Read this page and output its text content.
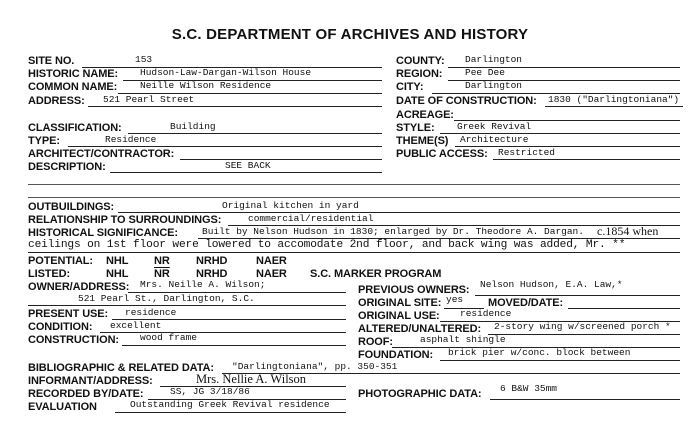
S.C. DEPARTMENT OF ARCHIVES AND HISTORY
SITE NO.	153
HISTORIC NAME: Hudson-Law-Dargan-Wilson House
COMMON NAME: Neille Wilson Residence
ADDRESS: 521 Pearl Street
COUNTY: Darlington
REGION: Pee Dee
CITY:	Darlington
DATE OF CONSTRUCTION: 1830 ("Darlingtoniana")
ACREAGE:
CLASSIFICATION:	Building	STYLE: Greek Revival
TYPE:	Residence	THEME(S) Architecture
ARCHITECT/CONTRACTOR:	PUBLIC ACCESS: Restricted
DESCRIPTION:	SEE BACK
OUTBUILDINGS:	Original kitchen in yard
RELATIONSHIP TO SURROUNDINGS:	commercial/residential
HISTORICAL SIGNIFICANCE:	Built by Nelson Hudson in 1830; enlarged by Dr. Theodore A. Dargan. c.1854 when
ceilings on 1st floor were lowered to accomodate 2nd floor, and back wing was added, Mr. **
POTENTIAL: NHL NR NRHD	NAER
LISTED:	NHL $\overline{NR}$ NRHD	NAER S.C. MARKER PROGRAM
OWNER/ADDRESS: Mrs. Neille A. Wilson;
521 Pearl St., Darlington, S.C.
PREVIOUS OWNERS: Nelson Hudson, E.A. Law,*
ORIGINAL SITE: yes MOVED/DATE:
PRESENT USE: residence	ORIGINAL USE: residence
CONDITION: excellent	ALTERED/UNALTERED: 2-story wing w/screened porch *
CONSTRUCTION: wood frame	ROOF:	asphalt shingle
FOUNDATION: brick pier w/conc. block between
BIBLIOGRAPHIC & RELATED DATA: "Darlingtoniana", pp. 350-351
INFORMANT/ADDRESS:	Mrs. Nellie A. Wilson
RECORDED BY/DATE:	SS, JG 3/18/86	PHOTOGRAPHIC DATA: 6 B&W 35mm
EVALUATION	Outstanding Greek Revival residence
